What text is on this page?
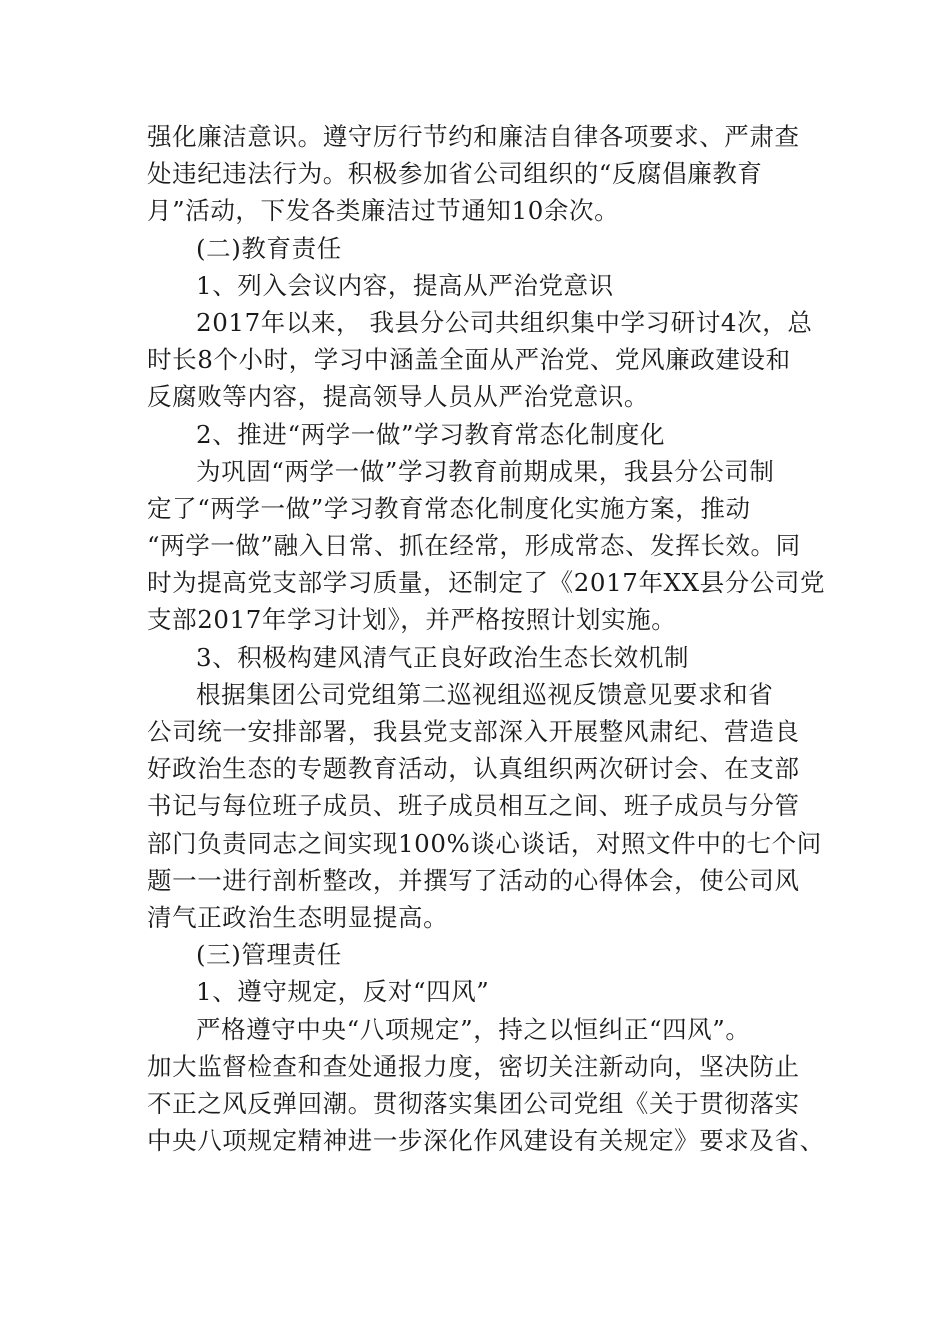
强化廉洁意识。遵守厉行节约和廉洁自律各项要求、严肃查
处违纪违法行为。积极参加省公司组织的“反腐倡廉教育
月”活动，下发各类廉洁过节通知10余次。
(二)教育责任
1、列入会议内容，提高从严治党意识
2017年以来， 我县分公司共组织集中学习研讨4次，总
时长8个小时，学习中涵盖全面从严治党、党风廉政建设和
反腐败等内容，提高领导人员从严治党意识。
2、推进“两学一做”学习教育常态化制度化
为巩固“两学一做”学习教育前期成果，我县分公司制
定了“两学一做”学习教育常态化制度化实施方案，推动
“两学一做”融入日常、抓在经常，形成常态、发挥长效。同
时为提高党支部学习质量，还制定了《2017年XX县分公司党
支部2017年学习计划》，并严格按照计划实施。
3、积极构建风清气正良好政治生态长效机制
根据集团公司党组第二巡视组巡视反馈意见要求和省
公司统一安排部署，我县党支部深入开展整风肃纪、营造良
好政治生态的专题教育活动，认真组织两次研讨会、在支部
书记与每位班子成员、班子成员相互之间、班子成员与分管
部门负责同志之间实现100%谈心谈话，对照文件中的七个问
题一一进行剖析整改，并撰写了活动的心得体会，使公司风
清气正政治生态明显提高。
(三)管理责任
1、遵守规定，反对“四风”
严格遵守中央“八项规定”，持之以恒纠正“四风”。
加大监督检查和查处通报力度，密切关注新动向，坚决防止
不正之风反弹回潮。贯彻落实集团公司党组《关于贯彻落实
中央八项规定精神进一步深化作风建设有关规定》要求及省、
